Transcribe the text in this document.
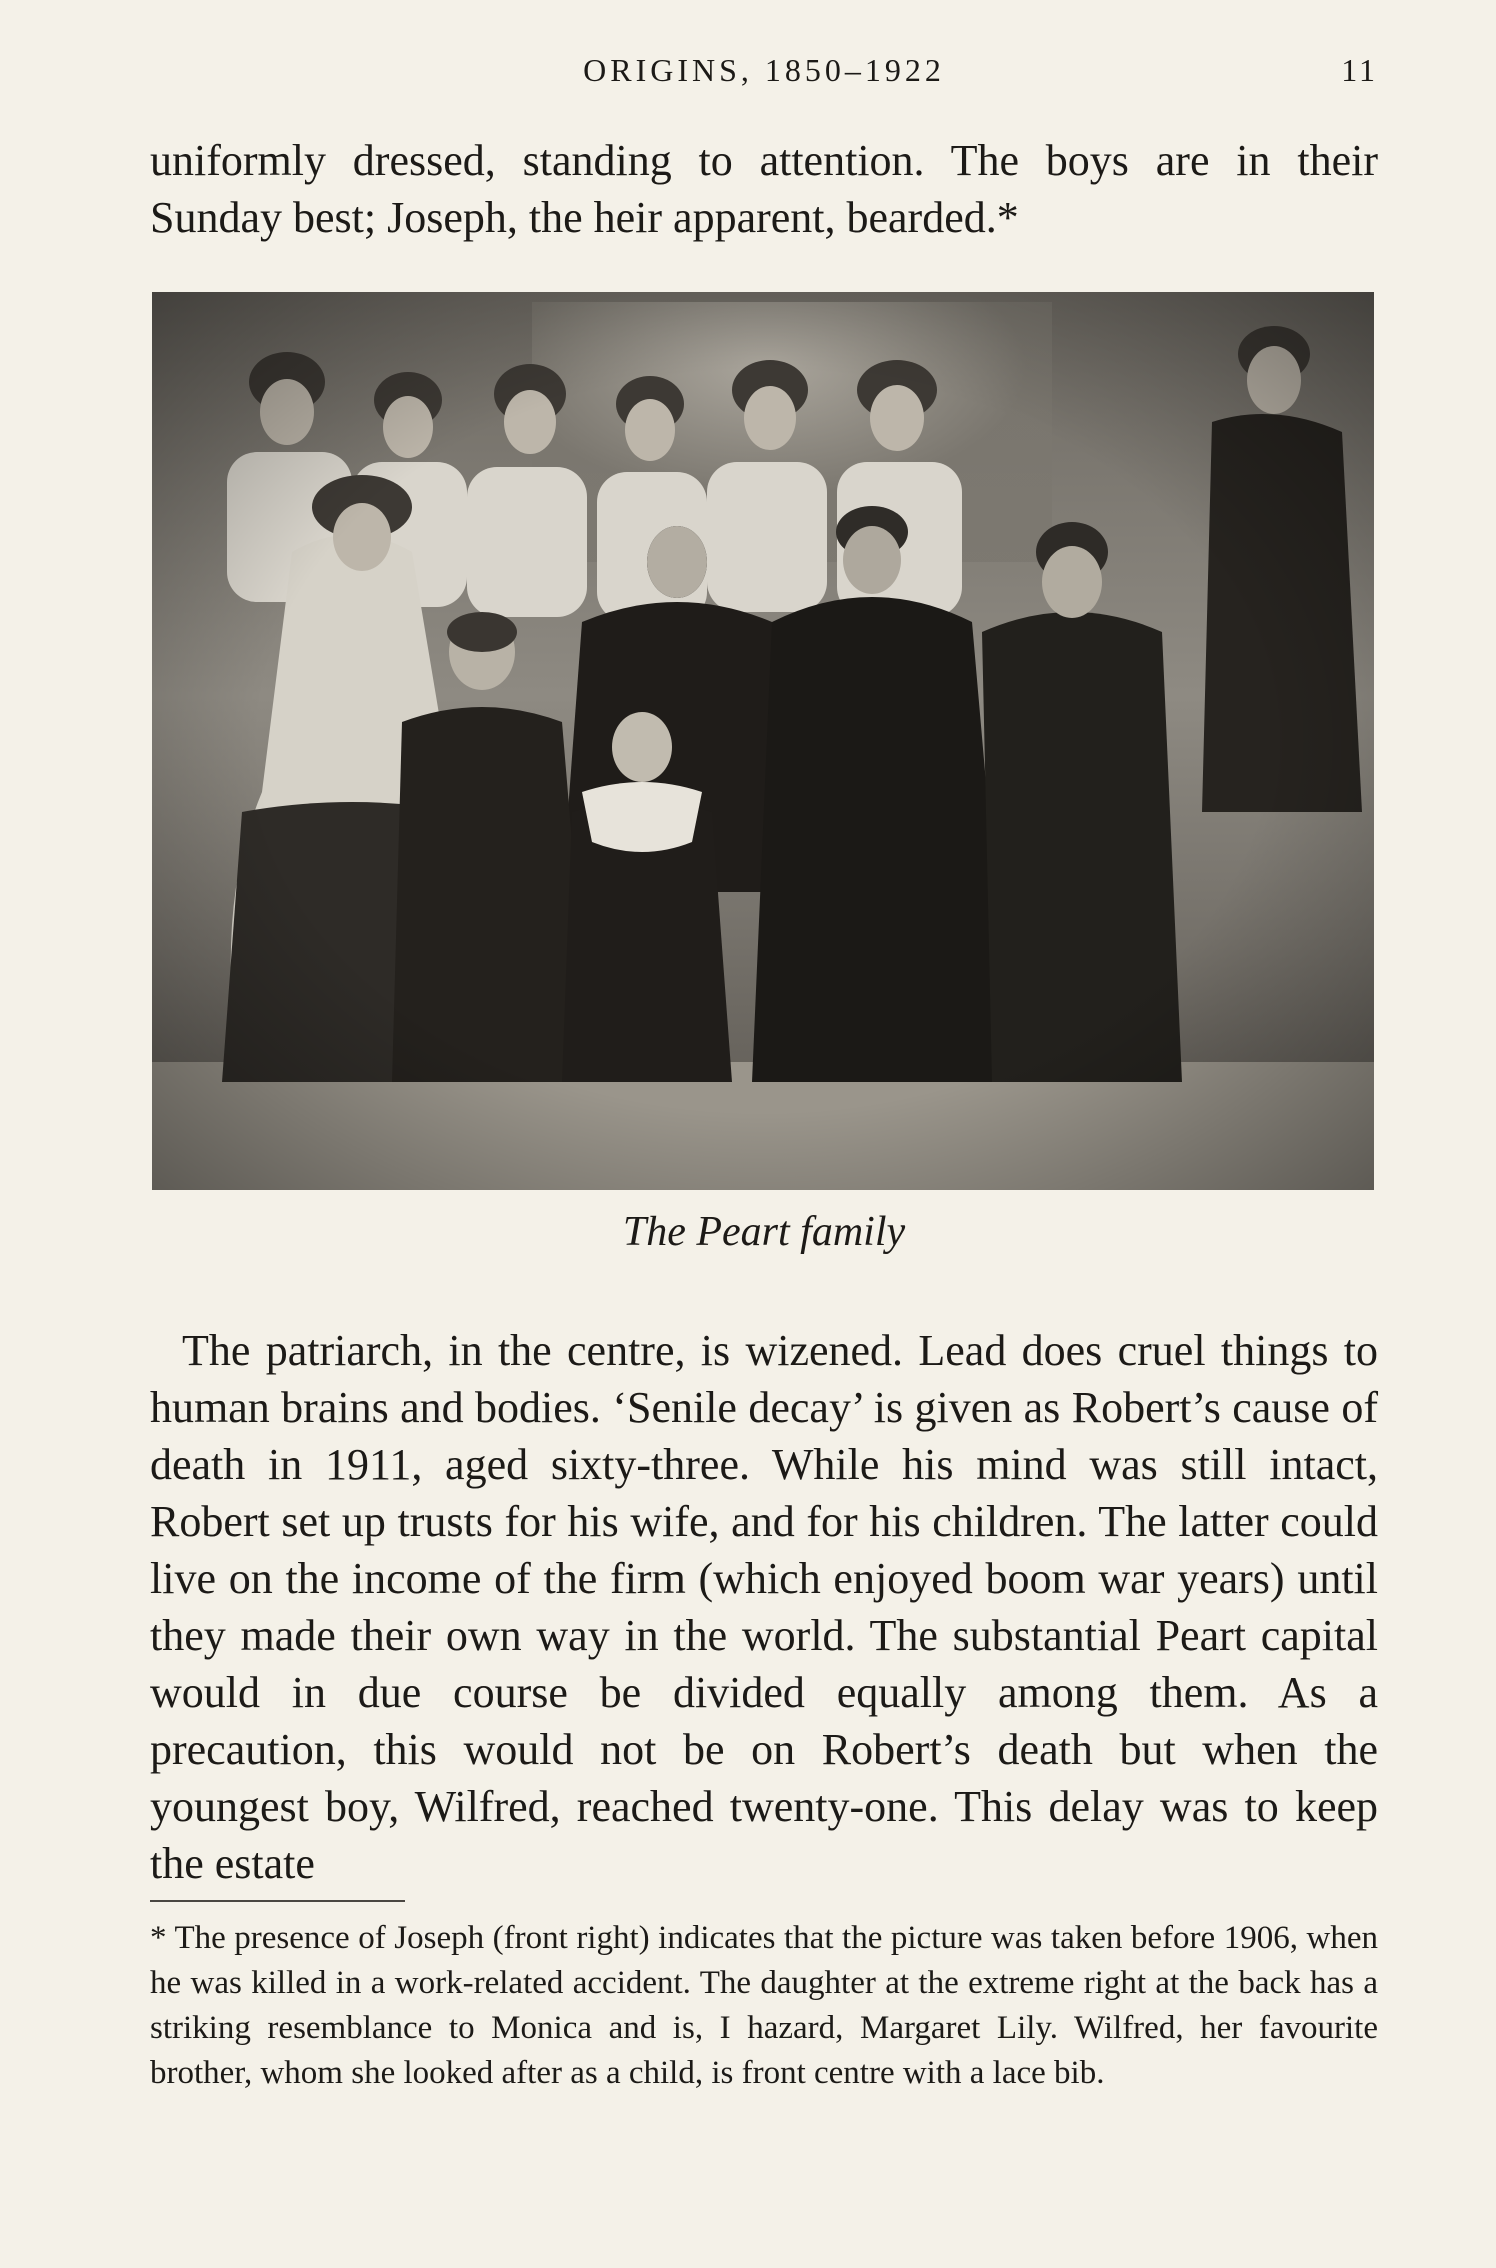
ORIGINS, 1850–1922	11

uniformly dressed, standing to attention. The boys are in their Sunday best; Joseph, the heir apparent, bearded.*

The Peart family

The patriarch, in the centre, is wizened. Lead does cruel things to human brains and bodies. ‘Senile decay’ is given as Robert’s cause of death in 1911, aged sixty-three. While his mind was still intact, Robert set up trusts for his wife, and for his children. The latter could live on the income of the firm (which enjoyed boom war years) until they made their own way in the world. The substantial Peart capital would in due course be divided equally among them. As a precaution, this would not be on Robert’s death but when the youngest boy, Wilfred, reached twenty-one. This delay was to keep the estate

* The presence of Joseph (front right) indicates that the picture was taken before 1906, when he was killed in a work-related accident. The daughter at the extreme right at the back has a striking resemblance to Monica and is, I hazard, Margaret Lily. Wilfred, her favourite brother, whom she looked after as a child, is front centre with a lace bib.
